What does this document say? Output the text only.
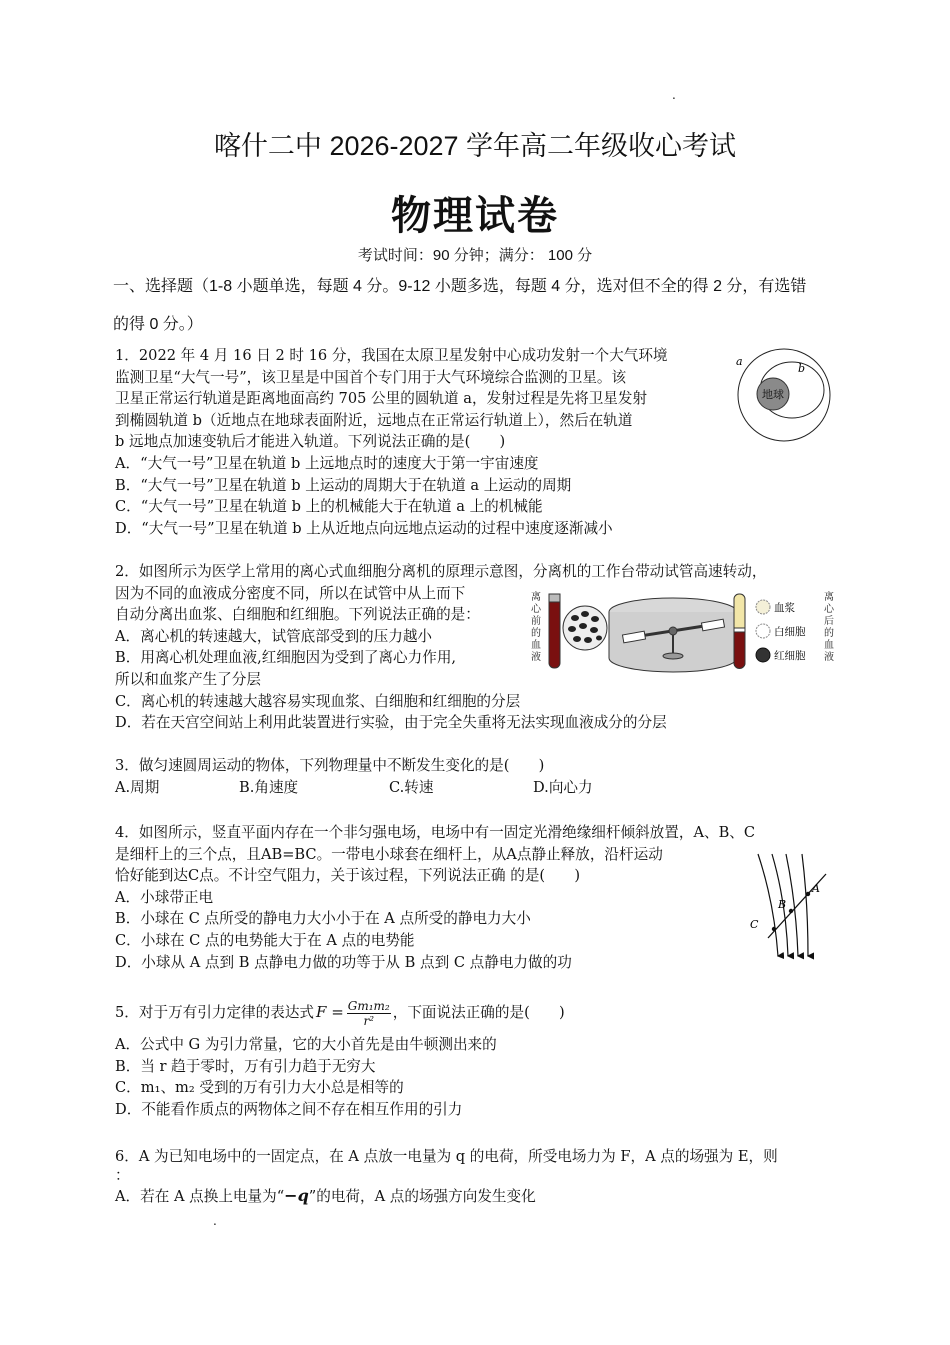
.
喀什二中 2026-2027 学年高二年级收心考试
物理试卷
考试时间：90 分钟；满分： 100 分
一、选择题（1-8 小题单选，每题 4 分。9-12 小题多选，每题 4 分，选对但不全的得 2 分，有选错
的得 0 分。）

1．2022 年 4 月 16 日 2 时 16 分，我国在太原卫星发射中心成功发射一个大气环境

监测卫星“大气一号”，该卫星是中国首个专门用于大气环境综合监测的卫星。该

卫星正常运行轨道是距离地面高约 705 公里的圆轨道 a，发射过程是先将卫星发射

到椭圆轨道 b（近地点在地球表面附近，远地点在正常运行轨道上），然后在轨道

b 远地点加速变轨后才能进入轨道。下列说法正确的是(　　)

A．“大气一号”卫星在轨道 b 上远地点时的速度大于第一宇宙速度

B．“大气一号”卫星在轨道 b 上运动的周期大于在轨道 a 上运动的周期

C．“大气一号”卫星在轨道 b 上的机械能大于在轨道 a 上的机械能

D．“大气一号”卫星在轨道 b 上从近地点向远地点运动的过程中速度逐渐减小

地球
a
b

2．如图所示为医学上常用的离心式血细胞分离机的原理示意图，分离机的工作台带动试管高速转动，

因为不同的血液成分密度不同，所以在试管中从上而下

自动分离出血浆、白细胞和红细胞。下列说法正确的是：

A．离心机的转速越大，试管底部受到的压力越小

B．用离心机处理血液,红细胞因为受到了离心力作用,

所以和血浆产生了分层

C．离心机的转速越大越容易实现血浆、白细胞和红细胞的分层

D．若在天宫空间站上利用此装置进行实验，由于完全失重将无法实现血液成分的分层

离
心
前
的
血
液
血浆
白细胞
红细胞
离
心
后
的
血
液

3．做匀速圆周运动的物体，下列物理量中不断发生变化的是(　　)

A.周期	B.角速度	C.转速	D.向心力

4．如图所示，竖直平面内存在一个非匀强电场，电场中有一固定光滑绝缘细杆倾斜放置，A、B、C

是细杆上的三个点，且AB=BC。一带电小球套在细杆上，从A点静止释放，沿杆运动

恰好能到达C点。不计空气阻力，关于该过程，下列说法正确 的是(　　)

A．小球带正电

B．小球在 C 点所受的静电力大小小于在 A 点所受的静电力大小

C．小球在 C 点的电势能大于在 A 点的电势能

D．小球从 A 点到 B 点静电力做的功等于从 B 点到 C 点静电力做的功

A
B
C
5．对于万有引力定律的表达式 $F = \frac{\text{Gm₁m₂}}{\text{r²}}$ ，下面说法正确的是(　　)

A．公式中 G 为引力常量，它的大小首先是由牛顿测出来的

B．当 r 趋于零时，万有引力趋于无穷大

C．m₁、m₂ 受到的万有引力大小总是相等的

D．不能看作质点的两物体之间不存在相互作用的引力

6．A 为已知电场中的一固定点，在 A 点放一电量为 q 的电荷，所受电场力为 F，A 点的场强为 E，则

：

A．若在 A 点换上电量为“−q”的电荷，A 点的场强方向发生变化

.
